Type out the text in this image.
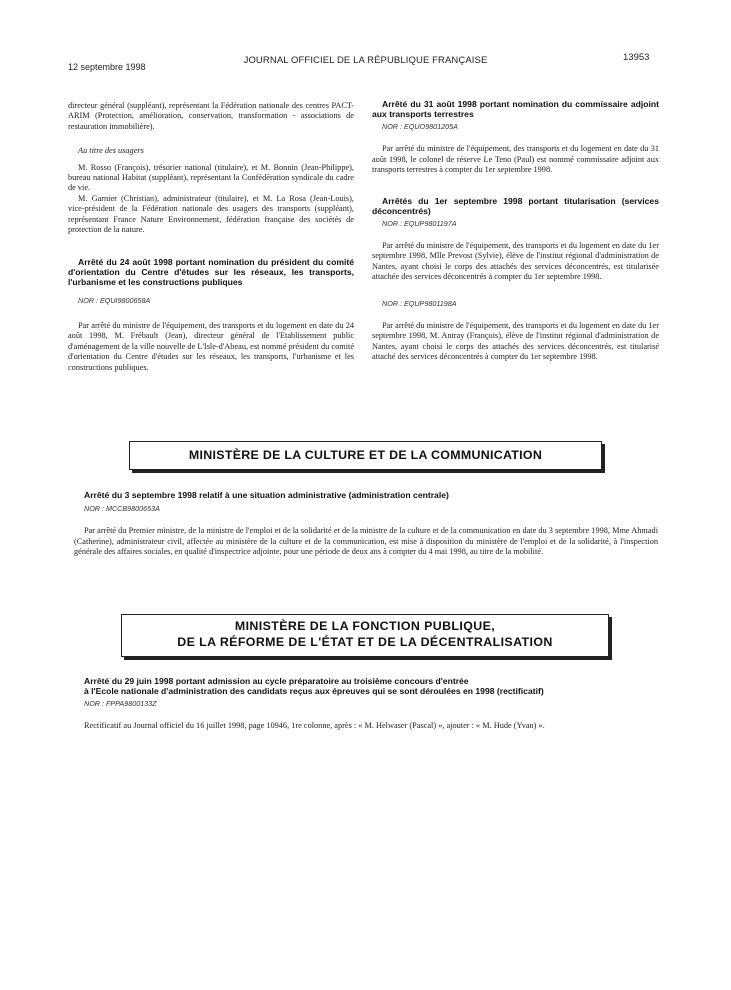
12 septembre 1998
JOURNAL OFFICIEL DE LA RÉPUBLIQUE FRANÇAISE	13953

directeur général (suppléant), représentant la Fédération nationale des centres PACT-ARIM (Protection, amélioration, conservation, transformation - associations de restauration immobilière).

Au titre des usagers

M. Rosso (François), trésorier national (titulaire), et M. Bonnin (Jean-Philippe), bureau national Habitat (suppléant), représentant la Confédération syndicale du cadre de vie.

M. Garnier (Christian), administrateur (titulaire), et M. La Rosa (Jean-Louis), vice-président de la Fédération nationale des usagers des transports (suppléant), représentant France Nature Environnement, fédération française des sociétés de protection de la nature.

Arrêté du 24 août 1998 portant nomination du président du comité d'orientation du Centre d'études sur les réseaux, les transports, l'urbanisme et les constructions publiques

NOR : EQUI9800658A

Par arrêté du ministre de l'équipement, des transports et du logement en date du 24 août 1998, M. Frébault (Jean), directeur général de l'Etablissement public d'aménagement de la ville nouvelle de L'Isle-d'Abeau, est nommé président du comité d'orientation du Centre d'études sur les réseaux, les transports, l'urbanisme et les constructions publiques.

Arrêté du 31 août 1998 portant nomination du commissaire adjoint aux transports terrestres

NOR : EQUO9801205A

Par arrêté du ministre de l'équipement, des transports et du logement en date du 31 août 1998, le colonel de réserve Le Teno (Paul) est nommé commissaire adjoint aux transports terrestres à compter du 1er septembre 1998.

Arrêtés du 1er septembre 1998 portant titularisation (services déconcentrés)

NOR : EQUP9801197A

Par arrêté du ministre de l'équipement, des transports et du logement en date du 1er septembre 1998, Mlle Prevost (Sylvie), élève de l'institut régional d'administration de Nantes, ayant choisi le corps des attachés des services déconcentrés, est titularisée attachée des services déconcentrés à compter du 1er septembre 1998.

NOR : EQUP9801198A

Par arrêté du ministre de l'équipement, des transports et du logement en date du 1er septembre 1998, M. Antray (François), élève de l'institut régional d'administration de Nantes, ayant choisi le corps des attachés des services déconcentrés, est titularisé attaché des services déconcentrés à compter du 1er septembre 1998.

MINISTÈRE DE LA CULTURE ET DE LA COMMUNICATION

Arrêté du 3 septembre 1998 relatif à une situation administrative (administration centrale)

NOR : MCCB9800653A

Par arrêté du Premier ministre, de la ministre de l'emploi et de la solidarité et de la ministre de la culture et de la communication en date du 3 septembre 1998, Mme Ahmadi (Catherine), administrateur civil, affectée au ministère de la culture et de la communication, est mise à disposition du ministère de l'emploi et de la solidarité, à l'inspection générale des affaires sociales, en qualité d'inspectrice adjointe, pour une période de deux ans à compter du 4 mai 1998, au titre de la mobilité.

MINISTÈRE DE LA FONCTION PUBLIQUE,
DE LA RÉFORME DE L'ÉTAT ET DE LA DÉCENTRALISATION

Arrêté du 29 juin 1998 portant admission au cycle préparatoire au troisième concours d'entrée

à l'Ecole nationale d'administration des candidats reçus aux épreuves qui se sont déroulées en 1998 (rectificatif)

NOR : FPPA9800133Z

Rectificatif au Journal officiel du 16 juillet 1998, page 10946, 1re colonne, après : « M. Helwaser (Pascal) », ajouter : « M. Hude (Yvan) ».
